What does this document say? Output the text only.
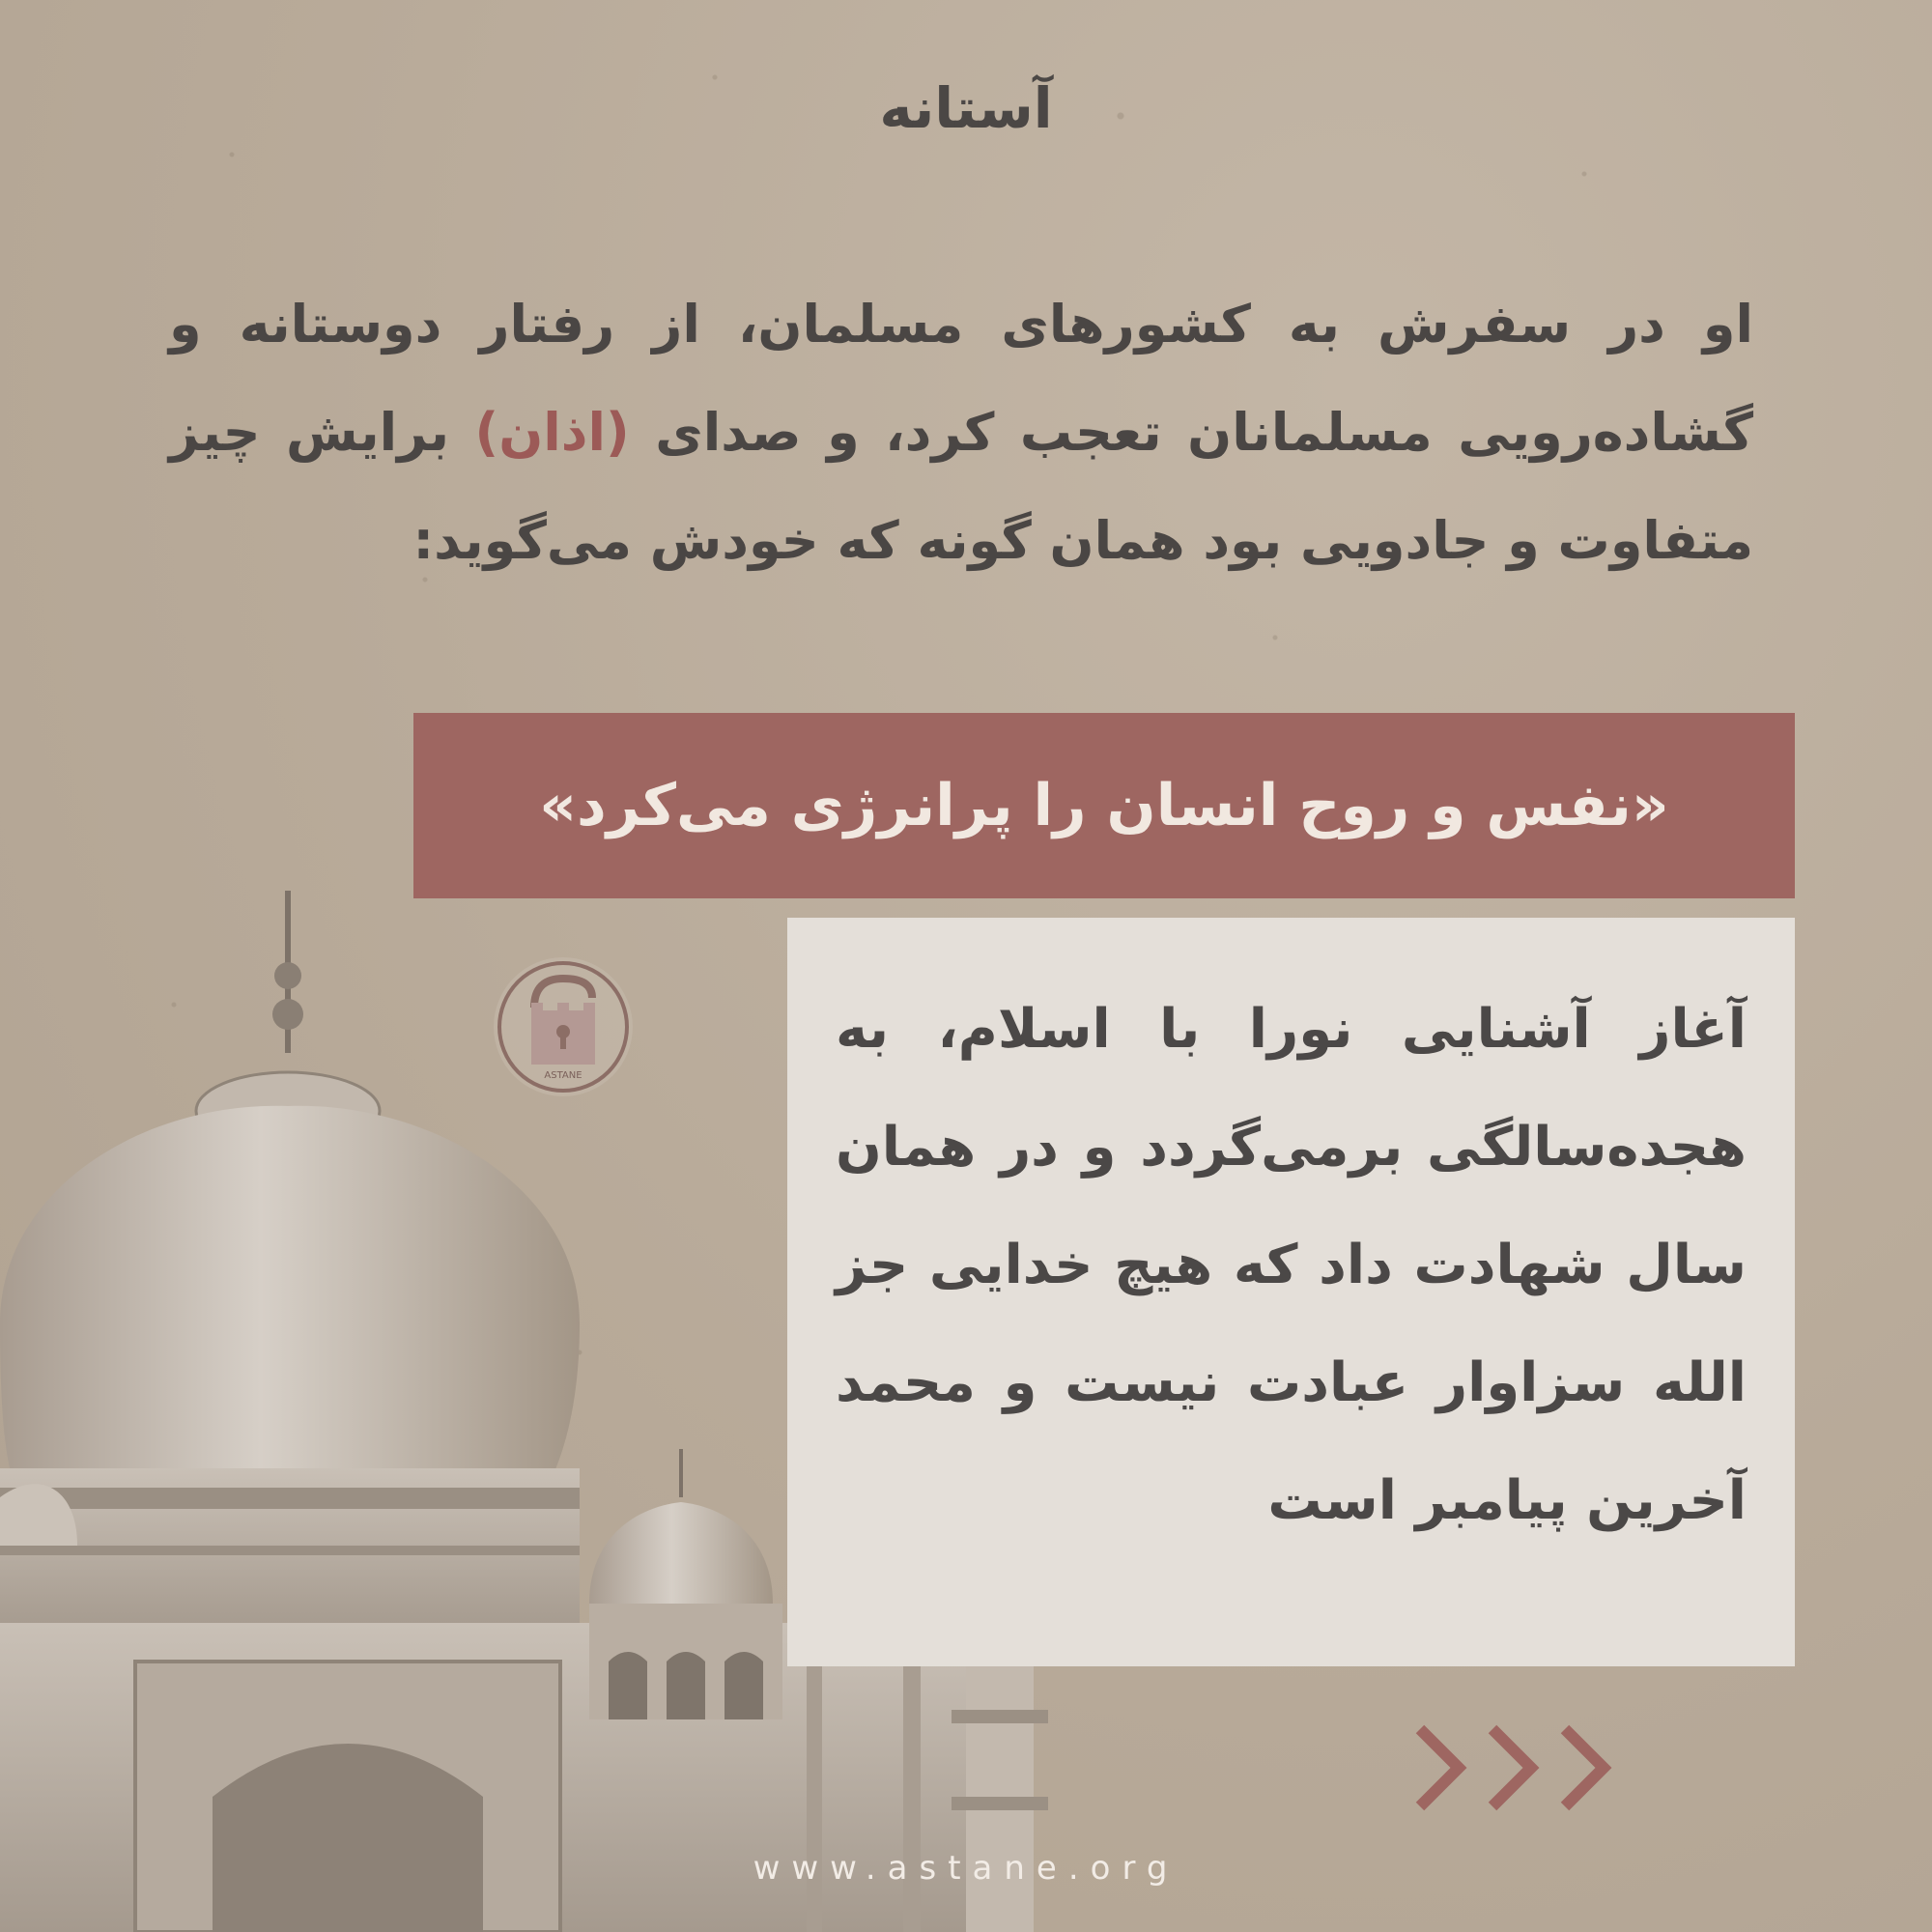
آستانه
او در سفرش به کشورهای مسلمان، از رفتار دوستانه و گشاده‌رویی مسلمانان تعجب کرد، و صدای (اذان) برایش چیز متفاوت و جادویی بود همان گونه که خودش می‌گوید:
«نفس و روح انسان را پرانرژی می‌کرد»
آغاز آشنایی نورا با اسلام، به هجده‌سالگی برمی‌گردد و در همان سال شهادت داد که هیچ خدایی جز الله سزاوار عبادت نیست و محمد آخرین پیامبر است
ASTANE
www.astane.org
